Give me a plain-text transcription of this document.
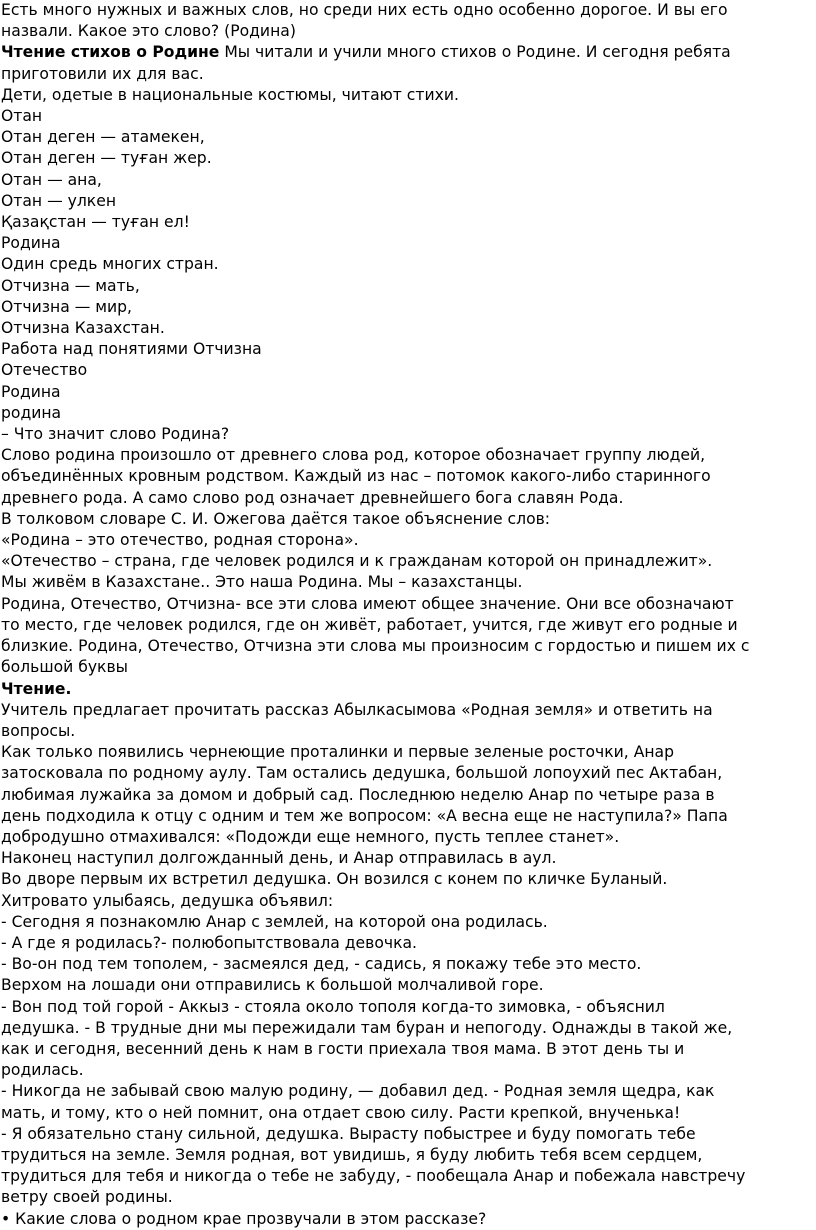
Есть много нужных и важных слов, но среди них есть одно особенно дорогое. И вы его
назвали. Какое это слово? (Родина)
Чтение стихов о Родине Мы читали и учили много стихов о Родине. И сегодня ребята
приготовили их для вас.
Дети, одетые в национальные костюмы, читают стихи.
Отан
Отан деген — атамекен,
Отан деген — туған жер.
Отан — ана,
Отан — улкен
Қазақстан — туған ел!
Родина
Один средь многих стран.
Отчизна — мать,
Отчизна — мир,
Отчизна Казахстан.
Работа над понятиями Отчизна
Отечество
Родина
родина
– Что значит слово Родина?
Слово родина произошло от древнего слова род, которое обозначает группу людей,
объединённых кровным родством. Каждый из нас – потомок какого-либо старинного
древнего рода. А само слово род означает древнейшего бога славян Рода.
В толковом словаре С. И. Ожегова даётся такое объяснение слов:
«Родина – это отечество, родная сторона».
«Отечество – страна, где человек родился и к гражданам которой он принадлежит».
Мы живём в Казахстане.. Это наша Родина. Мы – казахстанцы.
Родина, Отечество, Отчизна- все эти слова имеют общее значение. Они все обозначают
то место, где человек родился, где он живёт, работает, учится, где живут его родные и
близкие. Родина, Отечество, Отчизна эти слова мы произносим с гордостью и пишем их с
большой буквы
Чтение.
Учитель предлагает прочитать рассказ Абылкасымова «Родная земля» и ответить на
вопросы.
Как только появились чернеющие проталинки и первые зеленые росточки, Анар
затосковала по родному аулу. Там остались дедушка, большой лопоухий пес Актабан,
любимая лужайка за домом и добрый сад. Последнюю неделю Анар по четыре раза в
день подходила к отцу с одним и тем же вопросом: «А весна еще не наступила?» Папа
добродушно отмахивался: «Подожди еще немного, пусть теплее станет».
Наконец наступил долгожданный день, и Анар отправилась в аул.
Во дворе первым их встретил дедушка. Он возился с конем по кличке Буланый.
Хитровато улыбаясь, дедушка объявил:
- Сегодня я познакомлю Анар с землей, на которой она родилась.
- А где я родилась?- полюбопытствовала девочка.
- Во-он под тем тополем, - засмеялся дед, - садись, я покажу тебе это место.
Верхом на лошади они отправились к большой молчаливой горе.
- Вон под той горой - Аккыз - стояла около тополя когда-то зимовка, - объяснил
дедушка. - В трудные дни мы пережидали там буран и непогоду. Однажды в такой же,
как и сегодня, весенний день к нам в гости приехала твоя мама. В этот день ты и
родилась.
- Никогда не забывай свою малую родину, — добавил дед. - Родная земля щедра, как
мать, и тому, кто о ней помнит, она отдает свою силу. Расти крепкой, внученька!
- Я обязательно стану сильной, дедушка. Вырасту побыстрее и буду помогать тебе
трудиться на земле. Земля родная, вот увидишь, я буду любить тебя всем сердцем,
трудиться для тебя и никогда о тебе не забуду, - пообещала Анар и побежала навстречу
ветру своей родины.
• Какие слова о родном крае прозвучали в этом рассказе?
